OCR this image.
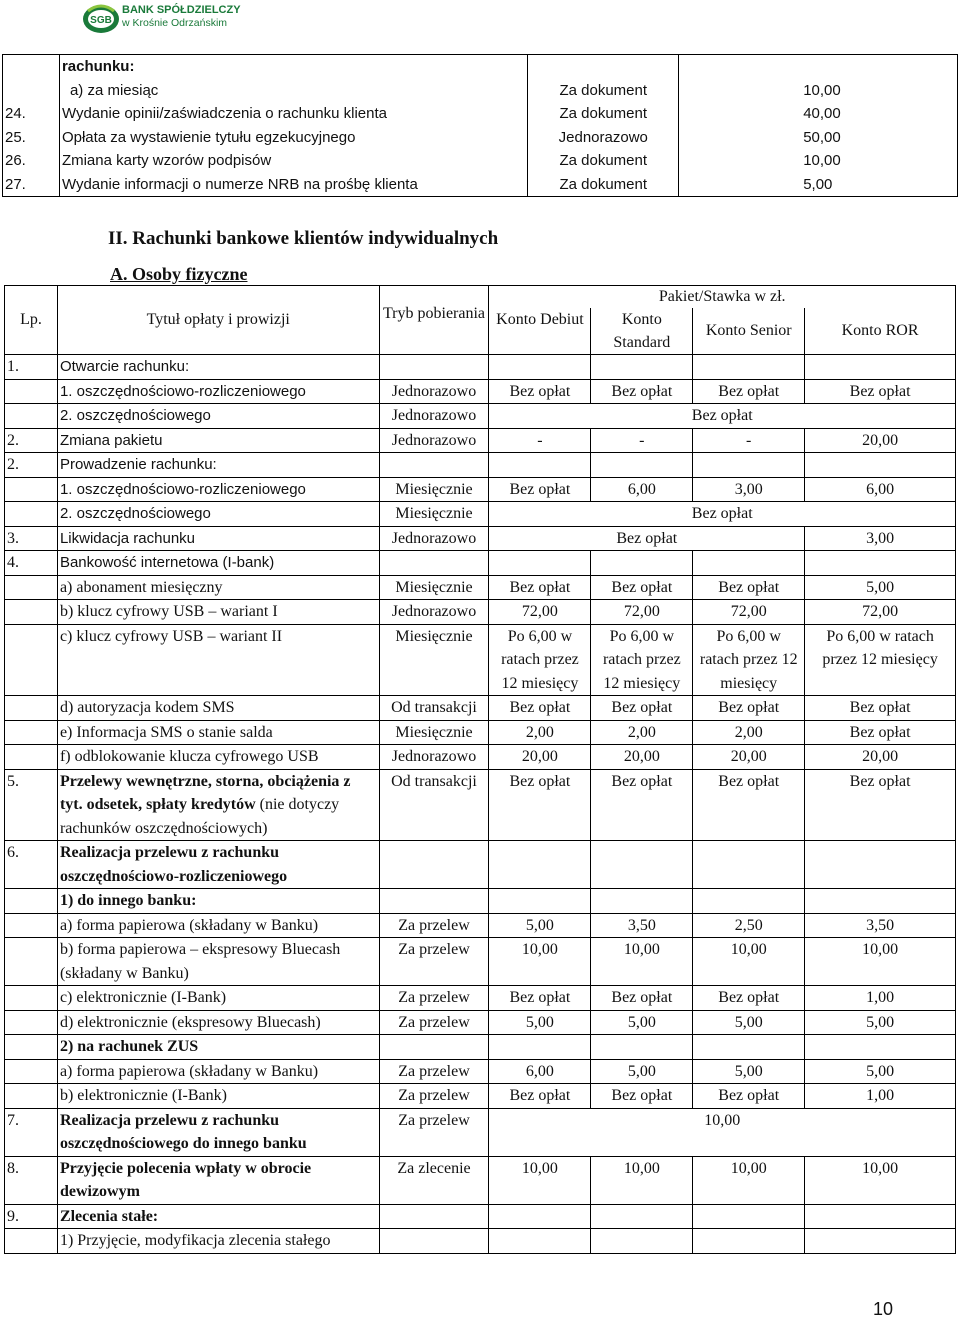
SGB
BANK SPÓŁDZIELCZY
w Krośnie Odrzańskim
	rachunku:		
	a) za miesiąc	Za dokument	10,00
24.	Wydanie opinii/zaświadczenia o rachunku klienta	Za dokument	40,00
25.	Opłata za wystawienie tytułu egzekucyjnego	Jednorazowo	50,00
26.	Zmiana karty wzorów podpisów	Za dokument	10,00
27.	Wydanie informacji o numerze NRB na prośbę klienta	Za dokument	5,00
II. Rachunki bankowe klientów indywidualnych
A. Osoby fizyczne
Lp.	Tytuł opłaty i prowizji	Tryb pobierania	Pakiet/Stawka w zł.			
			Konto Debiut	Konto Standard	Konto Senior	Konto ROR
1.	Otwarcie rachunku:					
	1. oszczędnościowo-rozliczeniowego	Jednorazowo	Bez opłat	Bez opłat	Bez opłat	Bez opłat
	2. oszczędnościowego	Jednorazowo	Bez opłat			
2.	Zmiana pakietu	Jednorazowo	-	-	-	20,00
2.	Prowadzenie rachunku:					
	1. oszczędnościowo-rozliczeniowego	Miesięcznie	Bez opłat	6,00	3,00	6,00
	2. oszczędnościowego	Miesięcznie	Bez opłat			
3.	Likwidacja rachunku	Jednorazowo	Bez opłat			3,00
4.	Bankowość internetowa (I-bank)					
	a) abonament miesięczny	Miesięcznie	Bez opłat	Bez opłat	Bez opłat	5,00
	b) klucz cyfrowy USB – wariant I	Jednorazowo	72,00	72,00	72,00	72,00
	c) klucz cyfrowy USB – wariant II	Miesięcznie	Po 6,00 w ratach przez 12 miesięcy	Po 6,00 w ratach przez 12 miesięcy	Po 6,00 w ratach przez 12 miesięcy	Po 6,00 w ratach przez 12 miesięcy
	d) autoryzacja kodem SMS	Od transakcji	Bez opłat	Bez opłat	Bez opłat	Bez opłat
	e) Informacja SMS o stanie salda	Miesięcznie	2,00	2,00	2,00	Bez opłat
	f) odblokowanie klucza cyfrowego USB	Jednorazowo	20,00	20,00	20,00	20,00
5.	Przelewy wewnętrzne, storna, obciążenia z tyt. odsetek, spłaty kredytów (nie dotyczy rachunków oszczędnościowych)	Od transakcji	Bez opłat	Bez opłat	Bez opłat	Bez opłat
6.	Realizacja przelewu z rachunku oszczędnościowo-rozliczeniowego					
	1) do innego banku:					
	a) forma papierowa (składany w Banku)	Za przelew	5,00	3,50	2,50	3,50
	b) forma papierowa – ekspresowy Bluecash (składany w Banku)	Za przelew	10,00	10,00	10,00	10,00
	c) elektronicznie (I-Bank)	Za przelew	Bez opłat	Bez opłat	Bez opłat	1,00
	d) elektronicznie (ekspresowy Bluecash)	Za przelew	5,00	5,00	5,00	5,00
	2) na rachunek ZUS					
	a) forma papierowa (składany w Banku)	Za przelew	6,00	5,00	5,00	5,00
	b) elektronicznie (I-Bank)	Za przelew	Bez opłat	Bez opłat	Bez opłat	1,00
7.	Realizacja przelewu z rachunku oszczędnościowego do innego banku	Za przelew	10,00			
8.	Przyjęcie polecenia wpłaty w obrocie dewizowym	Za zlecenie	10,00	10,00	10,00	10,00
9.	Zlecenia stałe:					
	1) Przyjęcie, modyfikacja zlecenia stałego					
10
